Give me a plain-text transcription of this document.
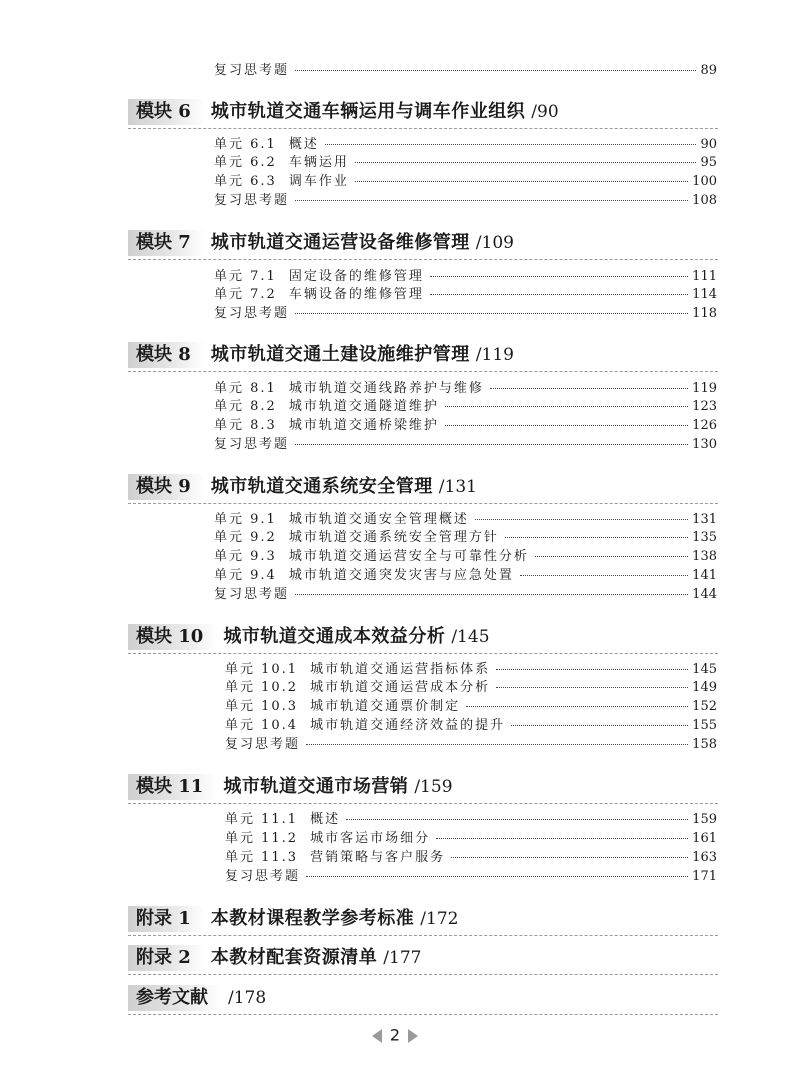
复习思考题	89
模块 6 城市轨道交通车辆运用与调车作业组织 /90
单元 6.1 概述	90
单元 6.2 车辆运用	95
单元 6.3 调车作业	100
复习思考题	108
模块 7 城市轨道交通运营设备维修管理 /109
单元 7.1 固定设备的维修管理	111
单元 7.2 车辆设备的维修管理	114
复习思考题	118
模块 8 城市轨道交通土建设施维护管理 /119
单元 8.1 城市轨道交通线路养护与维修	119
单元 8.2 城市轨道交通隧道维护	123
单元 8.3 城市轨道交通桥梁维护	126
复习思考题	130
模块 9 城市轨道交通系统安全管理 /131
单元 9.1 城市轨道交通安全管理概述	131
单元 9.2 城市轨道交通系统安全管理方针	135
单元 9.3 城市轨道交通运营安全与可靠性分析	138
单元 9.4 城市轨道交通突发灾害与应急处置	141
复习思考题	144
模块 10 城市轨道交通成本效益分析 /145
单元 10.1 城市轨道交通运营指标体系	145
单元 10.2 城市轨道交通运营成本分析	149
单元 10.3 城市轨道交通票价制定	152
单元 10.4 城市轨道交通经济效益的提升	155
复习思考题	158
模块 11 城市轨道交通市场营销 /159
单元 11.1 概述	159
单元 11.2 城市客运市场细分	161
单元 11.3 营销策略与客户服务	163
复习思考题	171
附录 1 本教材课程教学参考标准 /172
附录 2 本教材配套资源清单 /177
参考文献 /178
2
